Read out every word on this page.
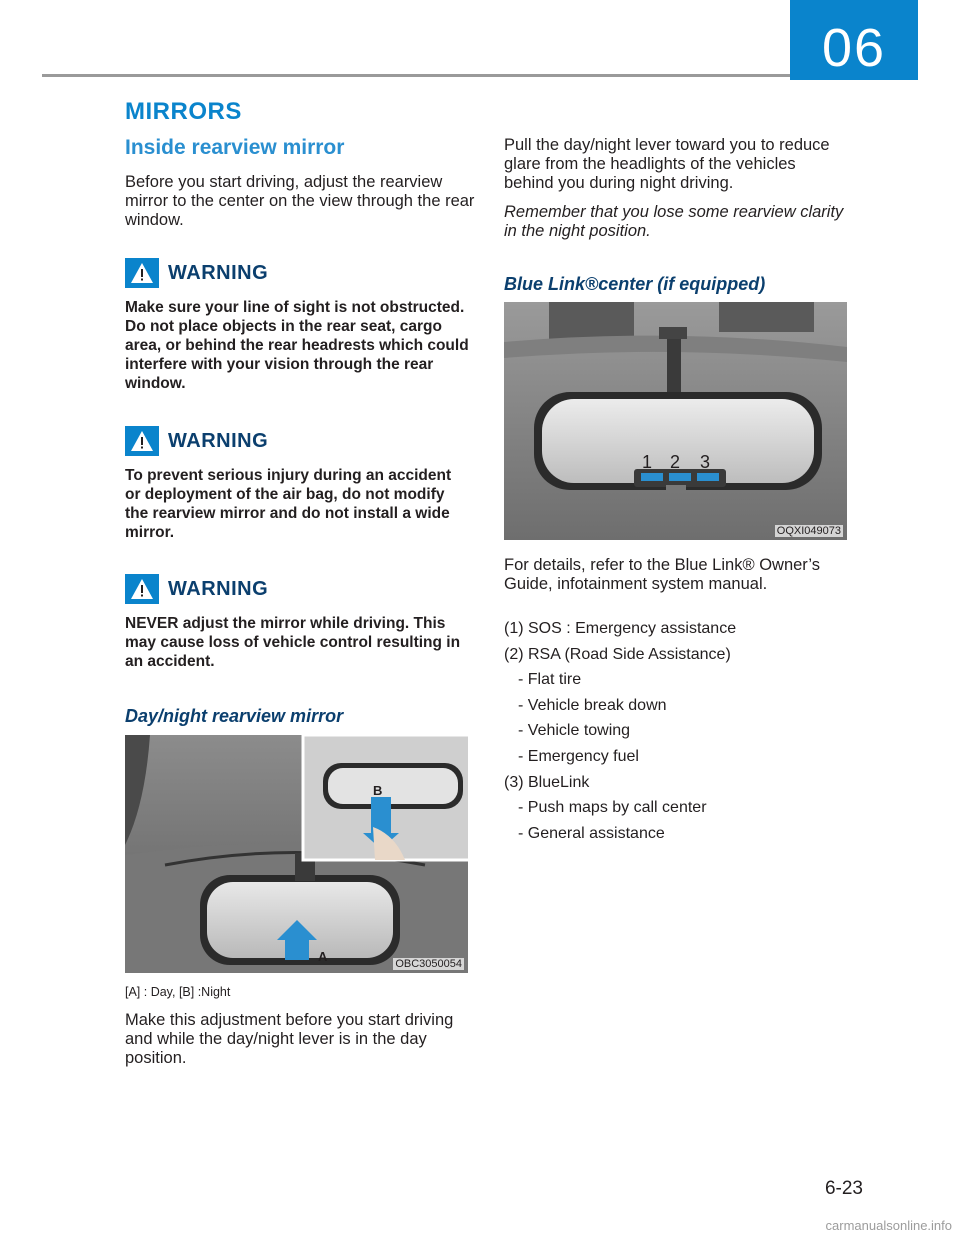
06
MIRRORS
Inside rearview mirror
Before you start driving, adjust the rearview mirror to the center on the view through the rear window.
WARNING
Make sure your line of sight is not obstructed. Do not place objects in the rear seat, cargo area, or behind the rear headrests which could interfere with your vision through the rear window.
WARNING
To prevent serious injury during an accident or deployment of the air bag, do not modify the rearview mirror and do not install a wide mirror.
WARNING
NEVER adjust the mirror while driving. This may cause loss of vehicle control resulting in an accident.
Day/night rearview mirror
B
A	OBC3050054
[A] : Day, [B] :Night
Make this adjustment before you start driving and while the day/night lever is in the day position.
Pull the day/night lever toward you to reduce glare from the headlights of the vehicles behind you during night driving.
Remember that you lose some rearview clarity in the night position.
Blue Link®center (if equipped)
1 2 3
OQXI049073
For details, refer to the Blue Link® Owner’s Guide, infotainment system manual.
(1) SOS : Emergency assistance
(2) RSA (Road Side Assistance)
- Flat tire
- Vehicle break down
- Vehicle towing
- Emergency fuel
(3) BlueLink
- Push maps by call center
- General assistance
6-23
carmanualsonline.info
